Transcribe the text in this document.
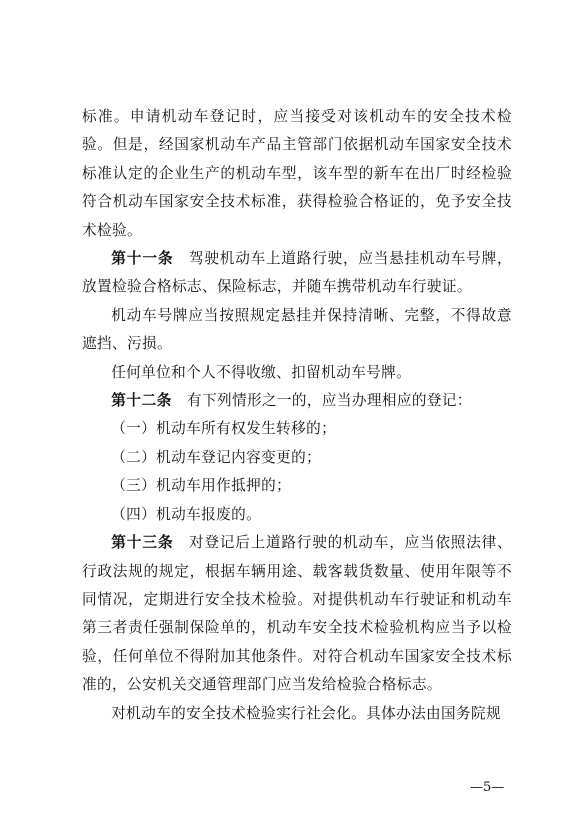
标准。申请机动车登记时，应当接受对该机动车的安全技术检验。但是，经国家机动车产品主管部门依据机动车国家安全技术标准认定的企业生产的机动车型，该车型的新车在出厂时经检验符合机动车国家安全技术标准，获得检验合格证的，免予安全技术检验。

第十一条　驾驶机动车上道路行驶，应当悬挂机动车号牌，放置检验合格标志、保险标志，并随车携带机动车行驶证。

机动车号牌应当按照规定悬挂并保持清晰、完整，不得故意遮挡、污损。

任何单位和个人不得收缴、扣留机动车号牌。

第十二条　有下列情形之一的，应当办理相应的登记：

（一）机动车所有权发生转移的；

（二）机动车登记内容变更的；

（三）机动车用作抵押的；

（四）机动车报废的。

第十三条　对登记后上道路行驶的机动车，应当依照法律、行政法规的规定，根据车辆用途、载客载货数量、使用年限等不同情况，定期进行安全技术检验。对提供机动车行驶证和机动车第三者责任强制保险单的，机动车安全技术检验机构应当予以检验，任何单位不得附加其他条件。对符合机动车国家安全技术标准的，公安机关交通管理部门应当发给检验合格标志。

对机动车的安全技术检验实行社会化。具体办法由国务院规

—5—
